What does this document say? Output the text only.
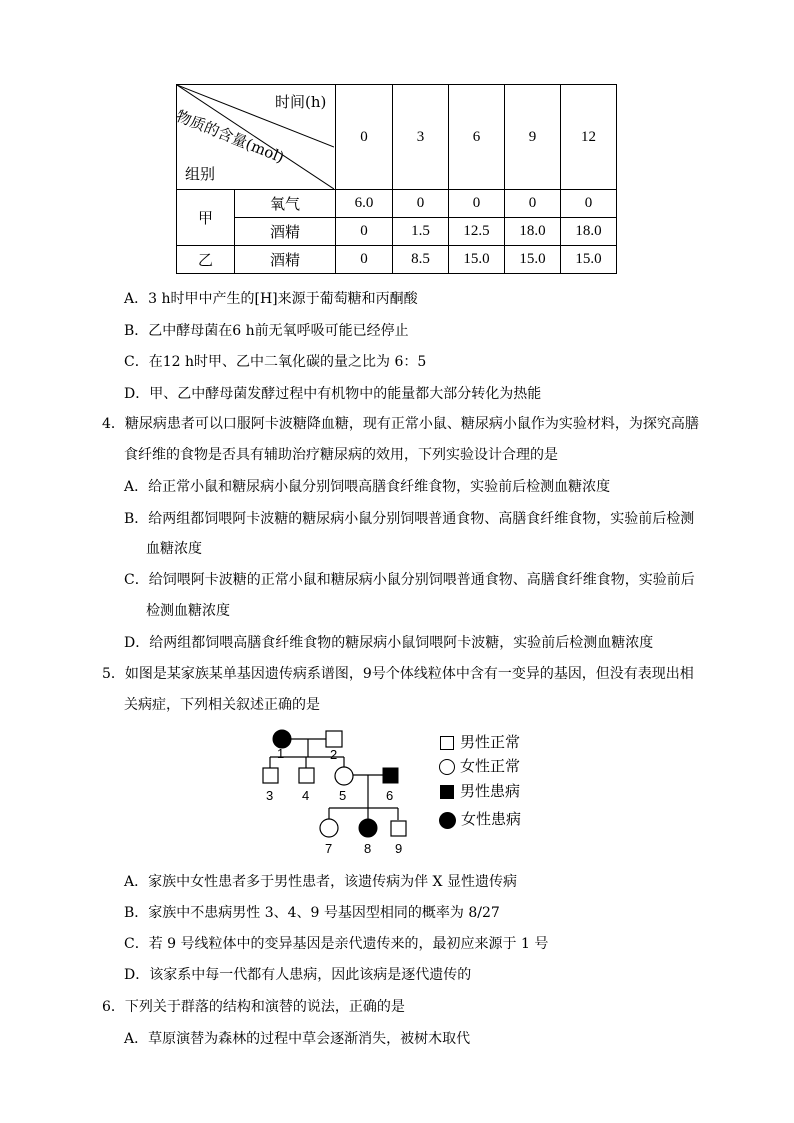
时间(h)
物质的含量(mol)
组别		0	3	6	9	12
甲	氧气	6.0	0	0	0	0
	酒精	0	1.5	12.5	18.0	18.0
乙	酒精	0	8.5	15.0	15.0	15.0
A．3 h时甲中产生的[H]来源于葡萄糖和丙酮酸
B．乙中酵母菌在6 h前无氧呼吸可能已经停止
C．在12 h时甲、乙中二氧化碳的量之比为 6：5
D．甲、乙中酵母菌发酵过程中有机物中的能量都大部分转化为热能
4．糖尿病患者可以口服阿卡波糖降血糖，现有正常小鼠、糖尿病小鼠作为实验材料，为探究高膳
食纤维的食物是否具有辅助治疗糖尿病的效用，下列实验设计合理的是
A．给正常小鼠和糖尿病小鼠分别饲喂高膳食纤维食物，实验前后检测血糖浓度
B．给两组都饲喂阿卡波糖的糖尿病小鼠分别饲喂普通食物、高膳食纤维食物，实验前后检测
血糖浓度
C．给饲喂阿卡波糖的正常小鼠和糖尿病小鼠分别饲喂普通食物、高膳食纤维食物，实验前后
检测血糖浓度
D．给两组都饲喂高膳食纤维食物的糖尿病小鼠饲喂阿卡波糖，实验前后检测血糖浓度
5．如图是某家族某单基因遗传病系谱图，9号个体线粒体中含有一变异的基因，但没有表现出相
关病症，下列相关叙述正确的是
1	2
3 4 5	6
7 8 9
男性正常
女性正常
男性患病
女性患病
A．家族中女性患者多于男性患者，该遗传病为伴 X 显性遗传病
B．家族中不患病男性 3、4、9 号基因型相同的概率为 8/27
C．若 9 号线粒体中的变异基因是亲代遗传来的，最初应来源于 1 号
D．该家系中每一代都有人患病，因此该病是逐代遗传的
6．下列关于群落的结构和演替的说法，正确的是
A．草原演替为森林的过程中草会逐渐消失，被树木取代
